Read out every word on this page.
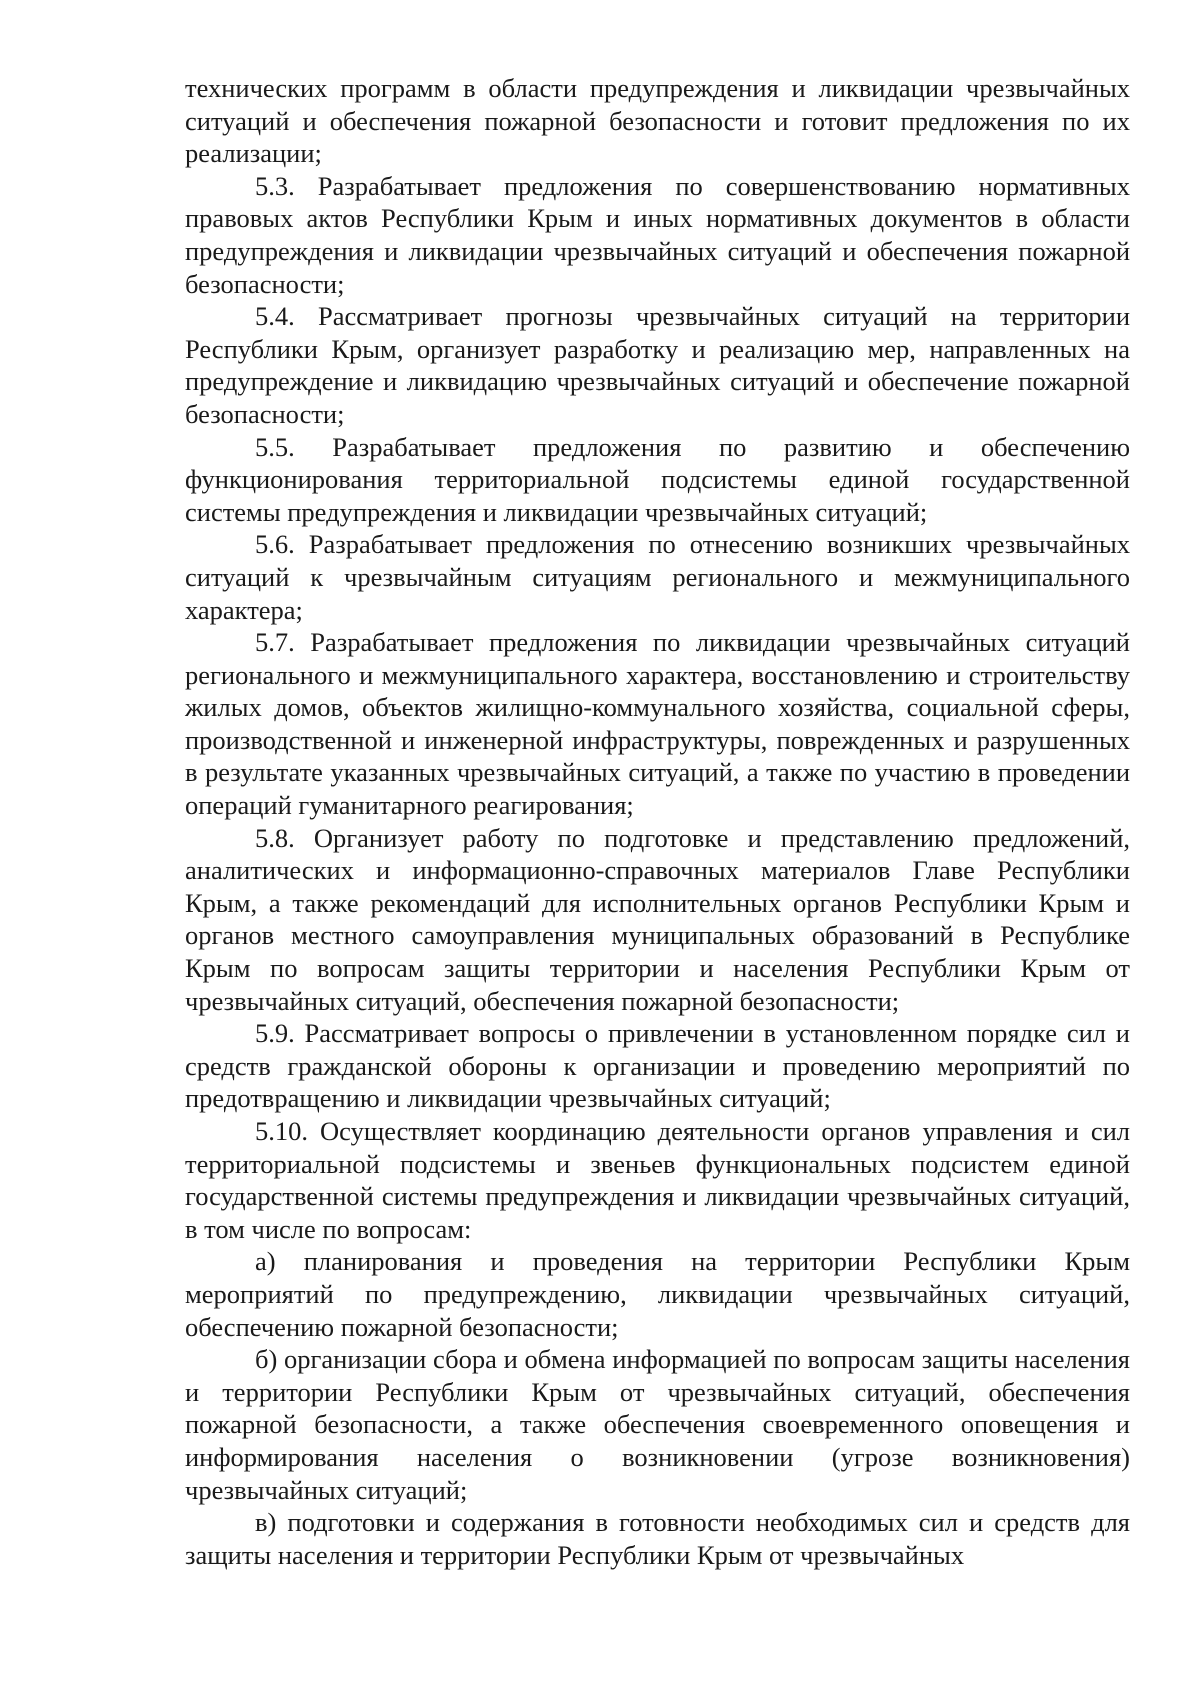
технических программ в области предупреждения и ликвидации чрезвычайных ситуаций и обеспечения пожарной безопасности и готовит предложения по их реализации;

5.3. Разрабатывает предложения по совершенствованию нормативных правовых актов Республики Крым и иных нормативных документов в области предупреждения и ликвидации чрезвычайных ситуаций и обеспечения пожарной безопасности;

5.4. Рассматривает прогнозы чрезвычайных ситуаций на территории Республики Крым, организует разработку и реализацию мер, направленных на предупреждение и ликвидацию чрезвычайных ситуаций и обеспечение пожарной безопасности;

5.5. Разрабатывает предложения по развитию и обеспечению функционирования территориальной подсистемы единой государственной системы предупреждения и ликвидации чрезвычайных ситуаций;

5.6. Разрабатывает предложения по отнесению возникших чрезвычайных ситуаций к чрезвычайным ситуациям регионального и межмуниципального характера;

5.7. Разрабатывает предложения по ликвидации чрезвычайных ситуаций регионального и межмуниципального характера, восстановлению и строительству жилых домов, объектов жилищно-коммунального хозяйства, социальной сферы, производственной и инженерной инфраструктуры, поврежденных и разрушенных в результате указанных чрезвычайных ситуаций, а также по участию в проведении операций гуманитарного реагирования;

5.8. Организует работу по подготовке и представлению предложений, аналитических и информационно-справочных материалов Главе Республики Крым, а также рекомендаций для исполнительных органов Республики Крым и органов местного самоуправления муниципальных образований в Республике Крым по вопросам защиты территории и населения Республики Крым от чрезвычайных ситуаций, обеспечения пожарной безопасности;

5.9. Рассматривает вопросы о привлечении в установленном порядке сил и средств гражданской обороны к организации и проведению мероприятий по предотвращению и ликвидации чрезвычайных ситуаций;

5.10. Осуществляет координацию деятельности органов управления и сил территориальной подсистемы и звеньев функциональных подсистем единой государственной системы предупреждения и ликвидации чрезвычайных ситуаций, в том числе по вопросам:

а) планирования и проведения на территории Республики Крым мероприятий по предупреждению, ликвидации чрезвычайных ситуаций, обеспечению пожарной безопасности;

б) организации сбора и обмена информацией по вопросам защиты населения и территории Республики Крым от чрезвычайных ситуаций, обеспечения пожарной безопасности, а также обеспечения своевременного оповещения и информирования населения о возникновении (угрозе возникновения) чрезвычайных ситуаций;

в) подготовки и содержания в готовности необходимых сил и средств для защиты населения и территории Республики Крым от чрезвычайных
